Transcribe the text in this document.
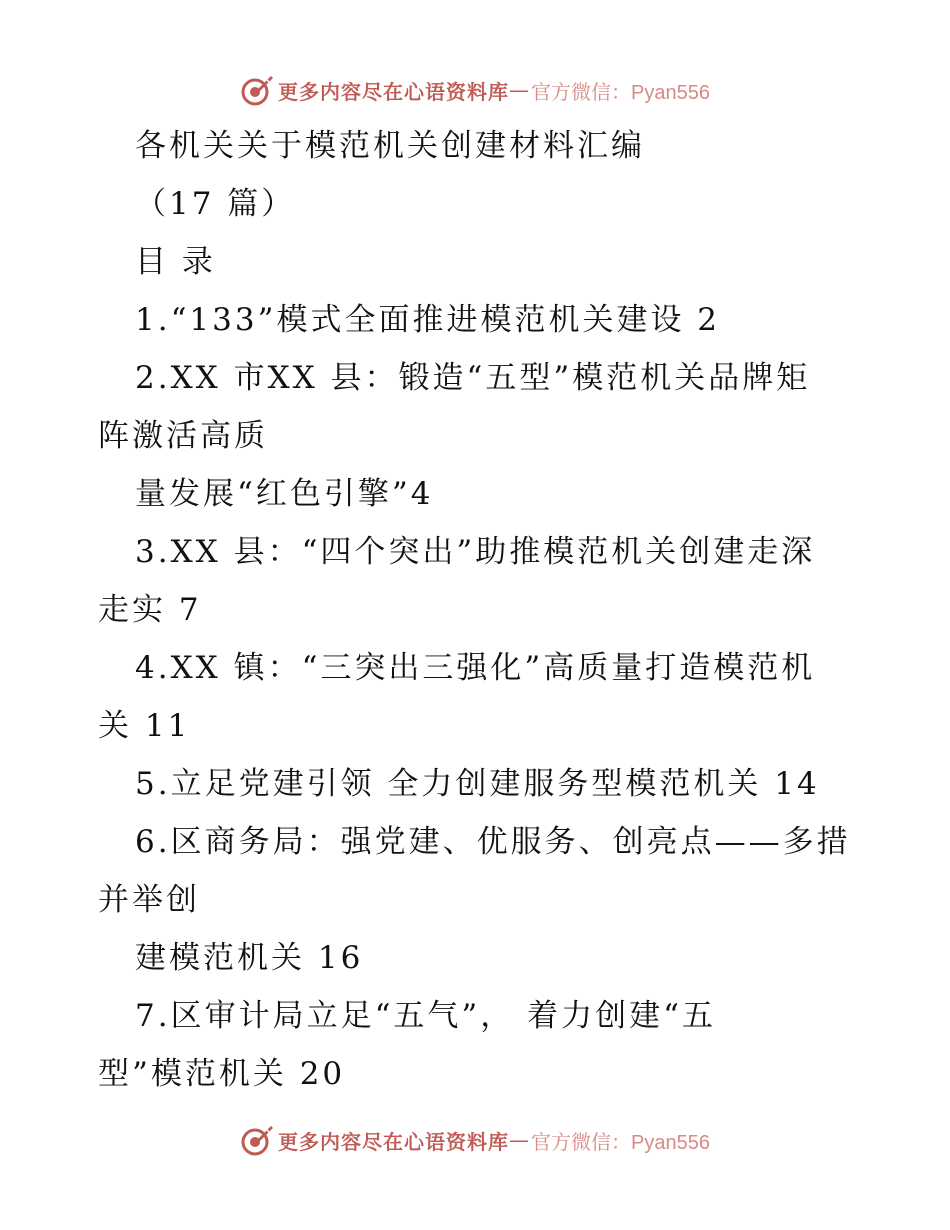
更多内容尽在心语资料库 — 官方微信：Pyan556
各机关关于模范机关创建材料汇编
（17 篇）
目 录
1.“133”模式全面推进模范机关建设 2
2.XX 市XX 县：锻造“五型”模范机关品牌矩
阵激活高质
量发展“红色引擎”4
3.XX 县：“四个突出”助推模范机关创建走深
走实 7
4.XX 镇：“三突出三强化”高质量打造模范机
关 11
5.立足党建引领 全力创建服务型模范机关 14
6.区商务局：强党建、优服务、创亮点——多措
并举创
建模范机关 16
7.区审计局立足“五气”， 着力创建“五
型”模范机关 20
更多内容尽在心语资料库 — 官方微信：Pyan556
